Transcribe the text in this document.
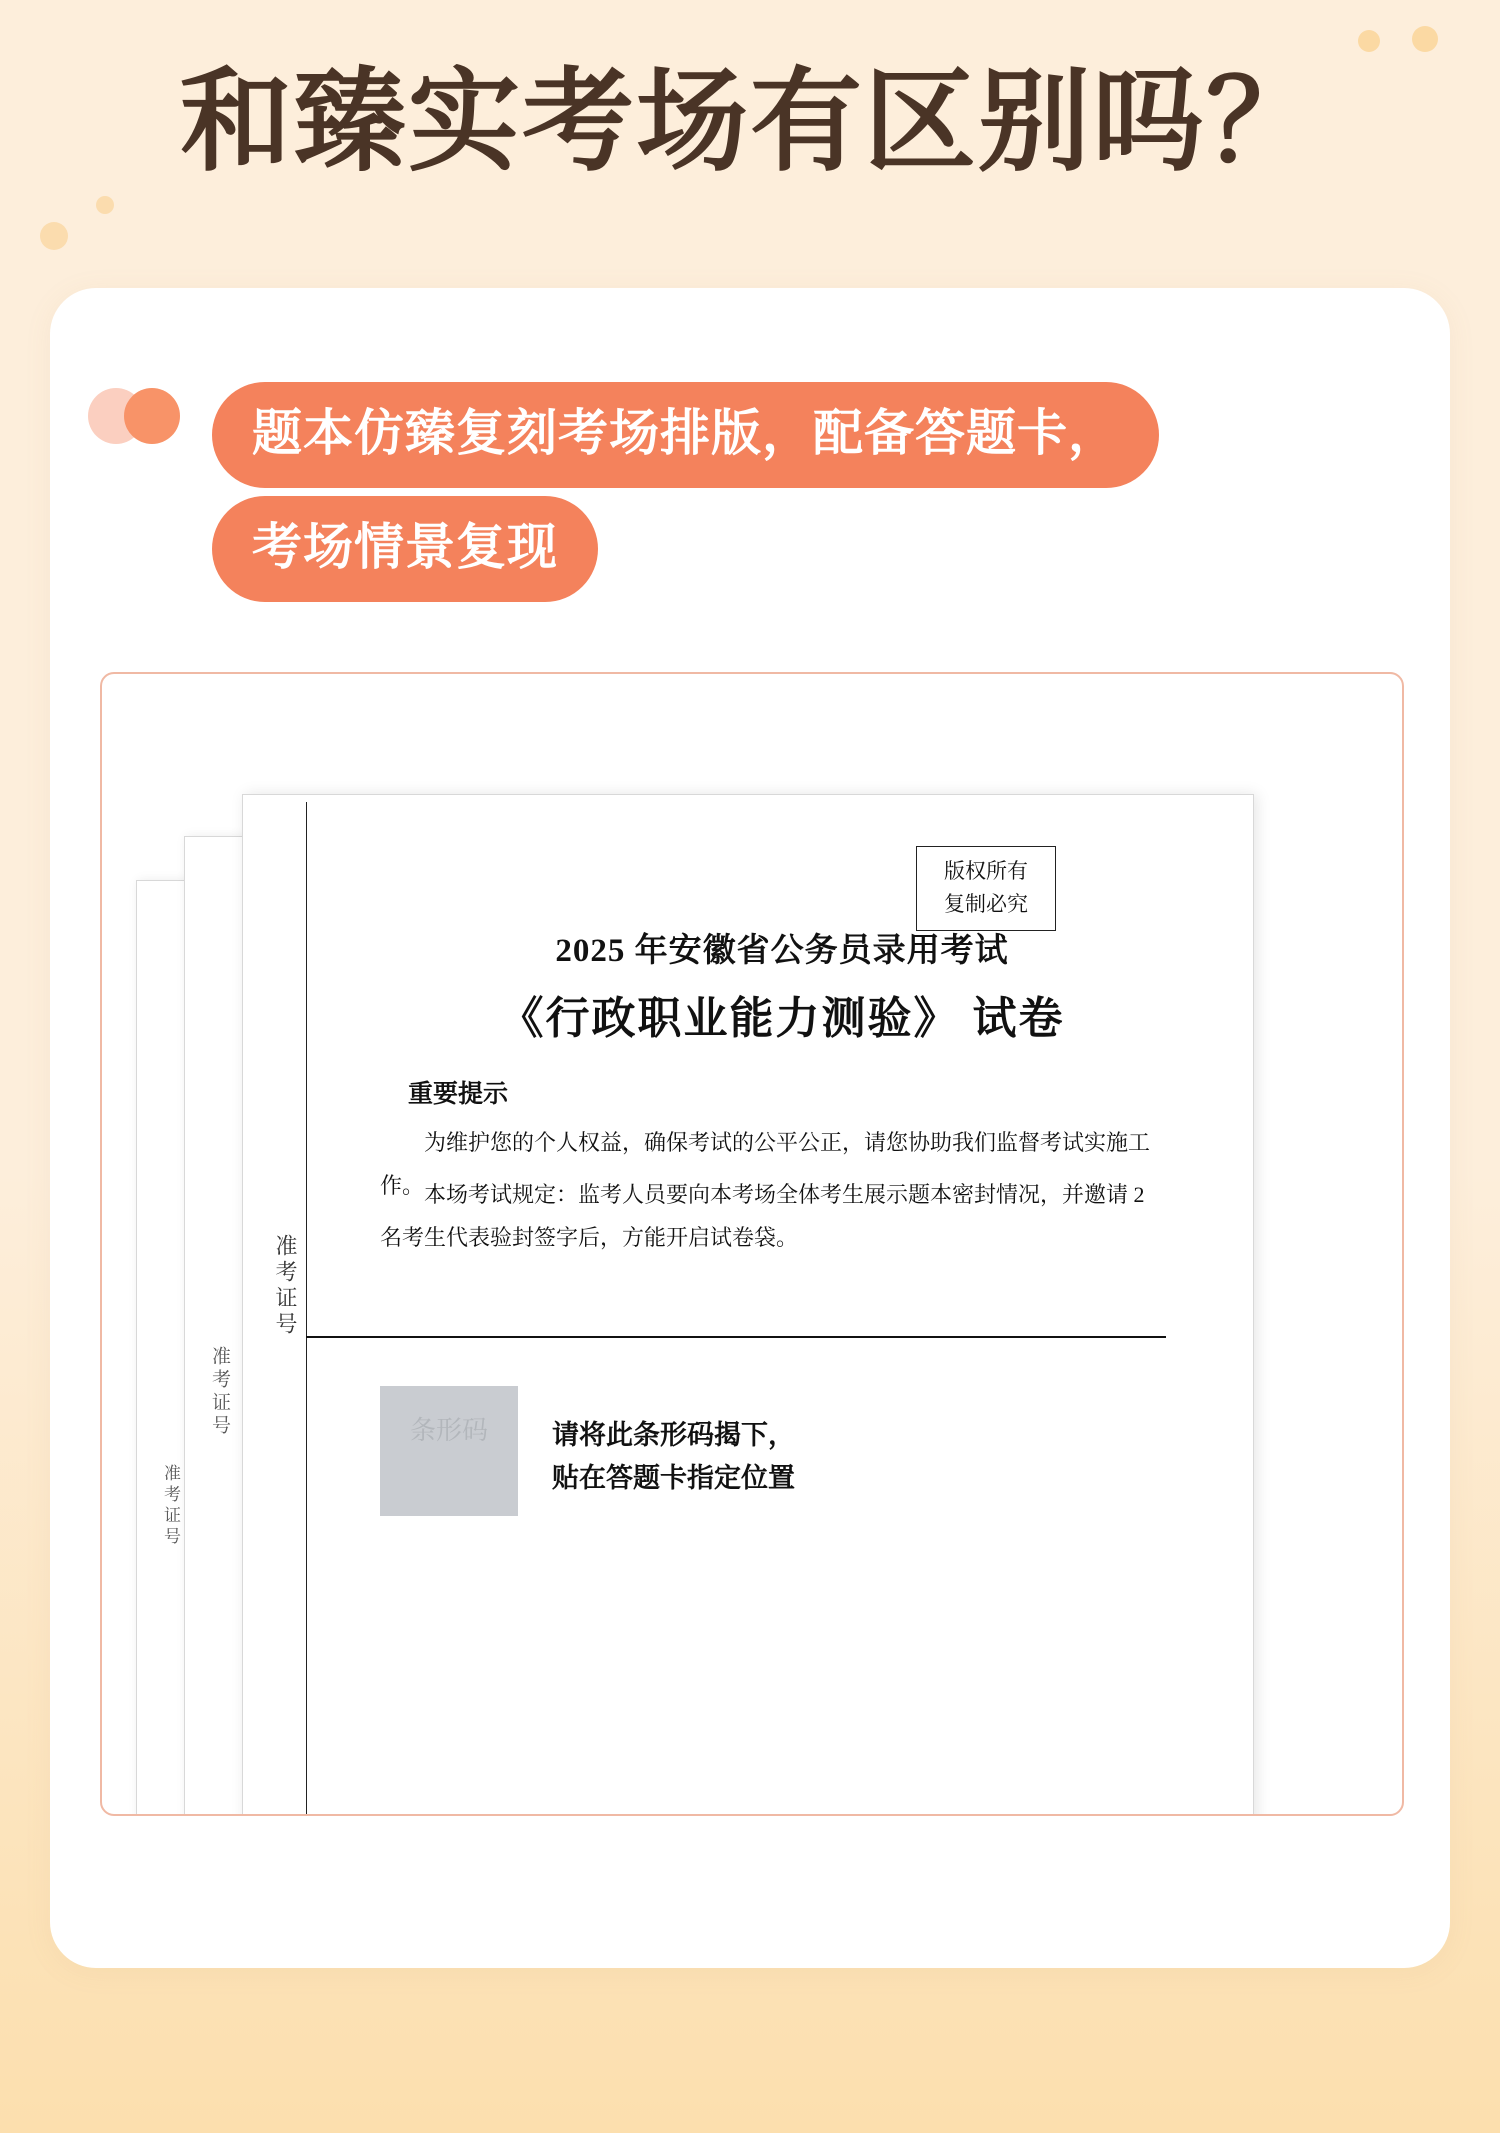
和臻实考场有区别吗？
题本仿臻复刻考场排版，配备答题卡，
考场情景复现
准考证号
准考证号
准考证号
版权所有
复制必究
2025 年安徽省公务员录用考试
《行政职业能力测验》 试卷
重要提示
为维护您的个人权益，确保考试的公平公正，请您协助我们监督考试实施工作。 本场考试规定：监考人员要向本考场全体考生展示题本密封情况，并邀请 2 名考生代表验封签字后，方能开启试卷袋。
条形码	请将此条形码揭下，
贴在答题卡指定位置
